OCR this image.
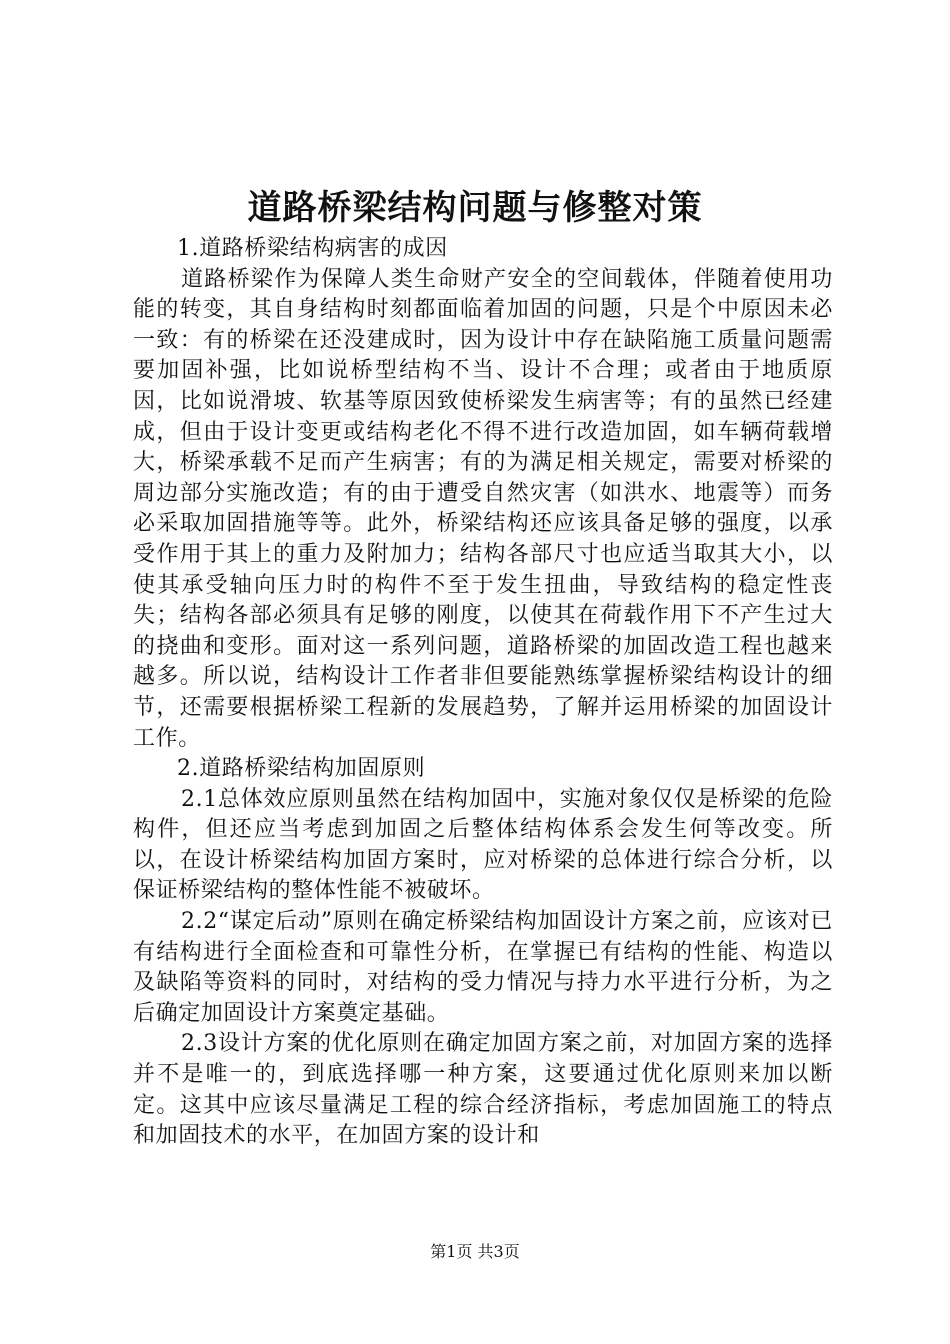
道路桥梁结构问题与修整对策

1.道路桥梁结构病害的成因

道路桥梁作为保障人类生命财产安全的空间载体，伴随着使用功能的转变，其自身结构时刻都面临着加固的问题，只是个中原因未必一致：有的桥梁在还没建成时，因为设计中存在缺陷施工质量问题需要加固补强，比如说桥型结构不当、设计不合理；或者由于地质原因，比如说滑坡、软基等原因致使桥梁发生病害等；有的虽然已经建成，但由于设计变更或结构老化不得不进行改造加固，如车辆荷载增大，桥梁承载不足而产生病害；有的为满足相关规定，需要对桥梁的周边部分实施改造；有的由于遭受自然灾害（如洪水、地震等）而务必采取加固措施等等。此外，桥梁结构还应该具备足够的强度，以承受作用于其上的重力及附加力；结构各部尺寸也应适当取其大小，以使其承受轴向压力时的构件不至于发生扭曲，导致结构的稳定性丧失；结构各部必须具有足够的刚度，以使其在荷载作用下不产生过大的挠曲和变形。面对这一系列问题，道路桥梁的加固改造工程也越来越多。所以说，结构设计工作者非但要能熟练掌握桥梁结构设计的细节，还需要根据桥梁工程新的发展趋势，了解并运用桥梁的加固设计工作。

2.道路桥梁结构加固原则

2.1总体效应原则虽然在结构加固中，实施对象仅仅是桥梁的危险构件，但还应当考虑到加固之后整体结构体系会发生何等改变。所以，在设计桥梁结构加固方案时，应对桥梁的总体进行综合分析，以保证桥梁结构的整体性能不被破坏。

2.2“谋定后动”原则在确定桥梁结构加固设计方案之前，应该对已有结构进行全面检查和可靠性分析，在掌握已有结构的性能、构造以及缺陷等资料的同时，对结构的受力情况与持力水平进行分析，为之后确定加固设计方案奠定基础。

2.3设计方案的优化原则在确定加固方案之前，对加固方案的选择并不是唯一的，到底选择哪一种方案，这要通过优化原则来加以断定。这其中应该尽量满足工程的综合经济指标，考虑加固施工的特点和加固技术的水平，在加固方案的设计和

第1页 共3页
